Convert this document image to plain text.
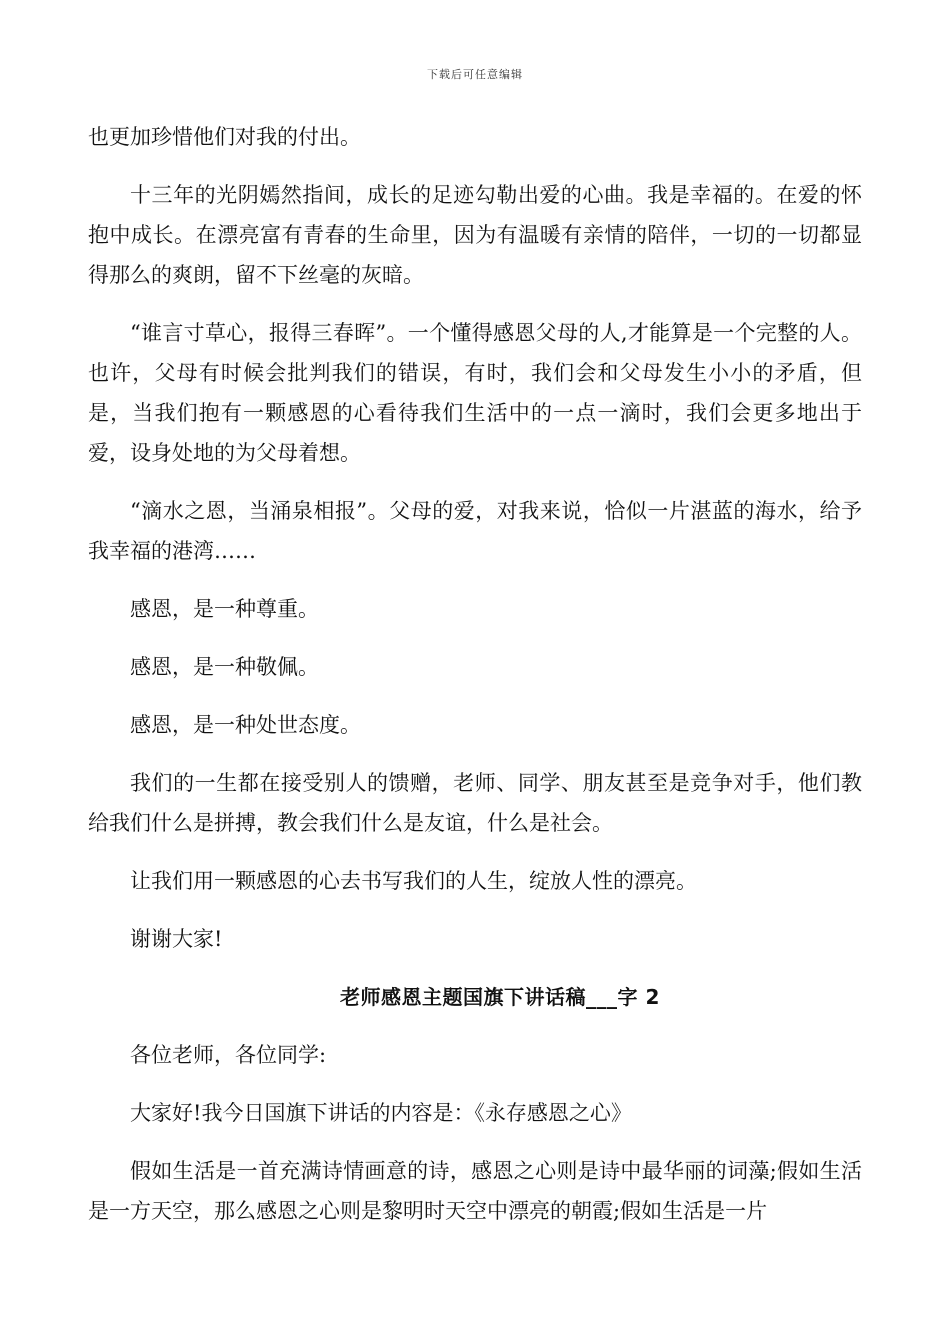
下载后可任意编辑

也更加珍惜他们对我的付出。

十三年的光阴嫣然指间，成长的足迹勾勒出爱的心曲。我是幸福的。在爱的怀抱中成长。在漂亮富有青春的生命里，因为有温暖有亲情的陪伴，一切的一切都显得那么的爽朗，留不下丝毫的灰暗。

“谁言寸草心，报得三春晖”。一个懂得感恩父母的人,才能算是一个完整的人。也许，父母有时候会批判我们的错误，有时，我们会和父母发生小小的矛盾，但是，当我们抱有一颗感恩的心看待我们生活中的一点一滴时，我们会更多地出于爱，设身处地的为父母着想。

“滴水之恩，当涌泉相报”。父母的爱，对我来说，恰似一片湛蓝的海水，给予我幸福的港湾……

感恩，是一种尊重。

感恩，是一种敬佩。

感恩，是一种处世态度。

我们的一生都在接受别人的馈赠，老师、同学、朋友甚至是竞争对手，他们教给我们什么是拼搏，教会我们什么是友谊，什么是社会。

让我们用一颗感恩的心去书写我们的人生，绽放人性的漂亮。

谢谢大家!

老师感恩主题国旗下讲话稿___字 2

各位老师，各位同学:

大家好!我今日国旗下讲话的内容是：《永存感恩之心》

假如生活是一首充满诗情画意的诗，感恩之心则是诗中最华丽的词藻;假如生活是一方天空，那么感恩之心则是黎明时天空中漂亮的朝霞;假如生活是一片
